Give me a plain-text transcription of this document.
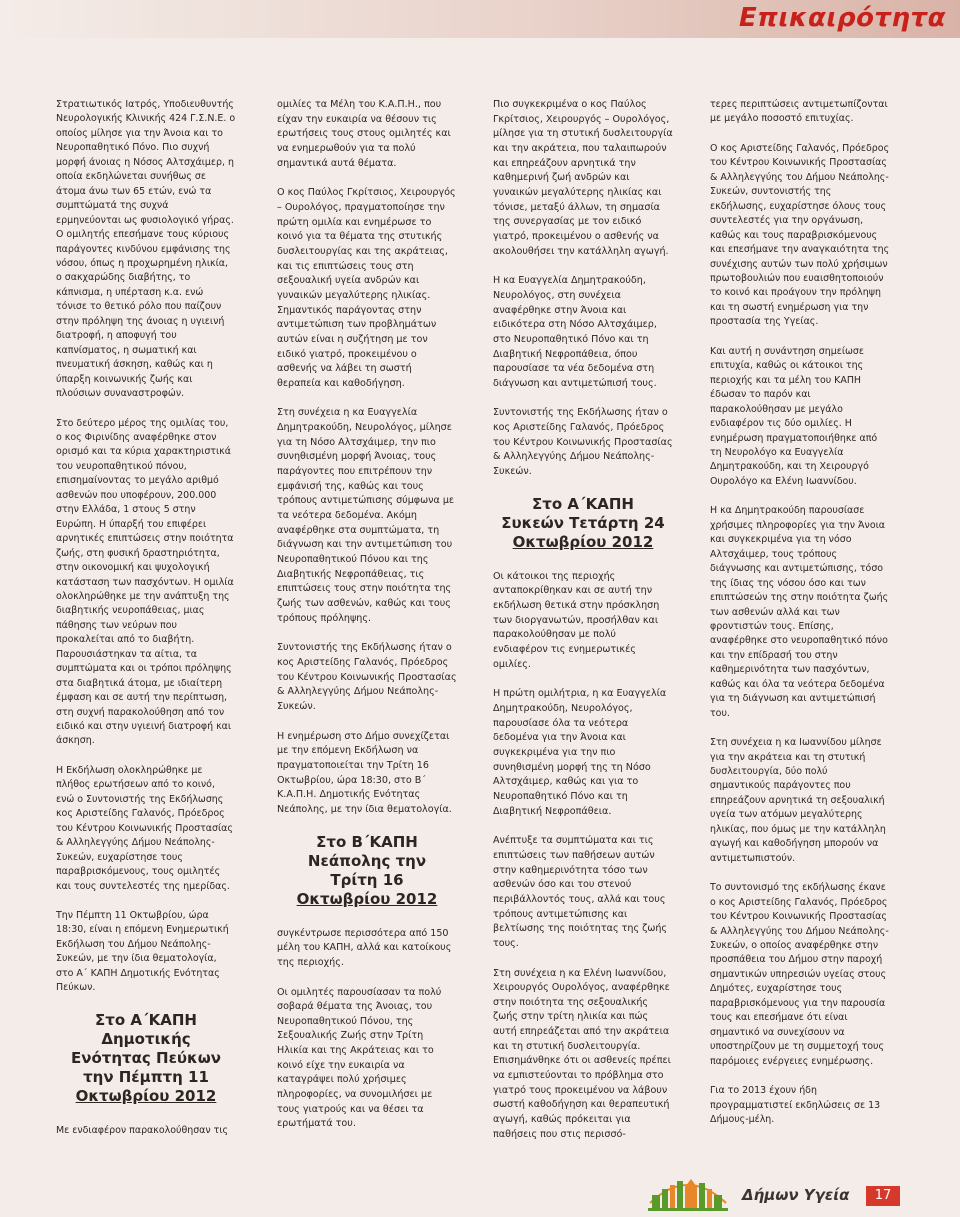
Επικαιρότητα

Στρατιωτικός Ιατρός, Υποδιευθυντής Νευρολογικής Κλινικής 424 Γ.Σ.Ν.Ε. ο οποίος μίλησε για την Άνοια και το Νευροπαθητικό Πόνο. Πιο συχνή μορφή άνοιας η Νόσος Αλτσχάιμερ, η οποία εκδηλώνεται συνήθως σε άτομα άνω των 65 ετών, ενώ τα συμπτώματά της συχνά ερμηνεύονται ως φυσιολογικό γήρας. Ο ομιλητής επεσήμανε τους κύριους παράγοντες κινδύνου εμφάνισης της νόσου, όπως η προχωρημένη ηλικία, ο σακχαρώδης διαβήτης, το κάπνισμα, η υπέρταση κ.α. ενώ τόνισε το θετικό ρόλο που παίζουν στην πρόληψη της άνοιας η υγιεινή διατροφή, η αποφυγή του καπνίσματος, η σωματική και πνευματική άσκηση, καθώς και η ύπαρξη κοινωνικής ζωής και πλούσιων συναναστροφών.

Στο δεύτερο μέρος της ομιλίας του, ο κος Φιρινίδης αναφέρθηκε στον ορισμό και τα κύρια χαρακτηριστικά του νευροπαθητικού πόνου, επισημαίνοντας το μεγάλο αριθμό ασθενών που υποφέρουν, 200.000 στην Ελλάδα, 1 στους 5 στην Ευρώπη. Η ύπαρξή του επιφέρει αρνητικές επιπτώσεις στην ποιότητα ζωής, στη φυσική δραστηριότητα, στην οικονομική και ψυχολογική κατάσταση των πασχόντων. Η ομιλία ολοκληρώθηκε με την ανάπτυξη της διαβητικής νευροπάθειας, μιας πάθησης των νεύρων που προκαλείται από το διαβήτη. Παρουσιάστηκαν τα αίτια, τα συμπτώματα και οι τρόποι πρόληψης στα διαβητικά άτομα, με ιδιαίτερη έμφαση και σε αυτή την περίπτωση, στη συχνή παρακολούθηση από τον ειδικό και στην υγιεινή διατροφή και άσκηση.

Η Εκδήλωση ολοκληρώθηκε με πλήθος ερωτήσεων από το κοινό, ενώ ο Συντονιστής της Εκδήλωσης κος Αριστείδης Γαλανός, Πρόεδρος του Κέντρου Κοινωνικής Προστασίας & Αλληλεγγύης Δήμου Νεάπολης-Συκεών, ευχαρίστησε τους παραβρισκόμενους, τους ομιλητές και τους συντελεστές της ημερίδας.

Την Πέμπτη 11 Οκτωβρίου, ώρα 18:30, είναι η επόμενη Ενημερωτική Εκδήλωση του Δήμου Νεάπολης-Συκεών, με την ίδια θεματολογία, στο Α΄ ΚΑΠΗ Δημοτικής Ενότητας Πεύκων.

Στο Α΄ΚΑΠΗ
Δημοτικής
Ενότητας Πεύκων
την Πέμπτη 11
Οκτωβρίου 2012

Με ενδιαφέρον παρακολούθησαν τις

ομιλίες τα Μέλη του Κ.Α.Π.Η., που είχαν την ευκαιρία να θέσουν τις ερωτήσεις τους στους ομιλητές και να ενημερωθούν για τα πολύ σημαντικά αυτά θέματα.

Ο κος Παύλος Γκρίτσιος, Χειρουργός – Ουρολόγος, πραγματοποίησε την πρώτη ομιλία και ενημέρωσε το κοινό για τα θέματα της στυτικής δυσλειτουργίας και της ακράτειας, και τις επιπτώσεις τους στη σεξουαλική υγεία ανδρών και γυναικών μεγαλύτερης ηλικίας. Σημαντικός παράγοντας στην αντιμετώπιση των προβλημάτων αυτών είναι η συζήτηση με τον ειδικό γιατρό, προκειμένου ο ασθενής να λάβει τη σωστή θεραπεία και καθοδήγηση.

Στη συνέχεια η κα Ευαγγελία Δημητρακούδη, Νευρολόγος, μίλησε για τη Νόσο Αλτσχάιμερ, την πιο συνηθισμένη μορφή Άνοιας, τους παράγοντες που επιτρέπουν την εμφάνισή της, καθώς και τους τρόπους αντιμετώπισης σύμφωνα με τα νεότερα δεδομένα. Ακόμη αναφέρθηκε στα συμπτώματα, τη διάγνωση και την αντιμετώπιση του Νευροπαθητικού Πόνου και της Διαβητικής Νεφροπάθειας, τις επιπτώσεις τους στην ποιότητα της ζωής των ασθενών, καθώς και τους τρόπους πρόληψης.

Συντονιστής της Εκδήλωσης ήταν ο κος Αριστείδης Γαλανός, Πρόεδρος του Κέντρου Κοινωνικής Προστασίας & Αλληλεγγύης Δήμου Νεάπολης-Συκεών.

Η ενημέρωση στο Δήμο συνεχίζεται με την επόμενη Εκδήλωση να πραγματοποιείται την Τρίτη 16 Οκτωβρίου, ώρα 18:30, στο Β΄ Κ.Α.Π.Η. Δημοτικής Ενότητας Νεάπολης, με την ίδια θεματολογία.

Στο Β΄ΚΑΠΗ
Νεάπολης την
Τρίτη 16
Οκτωβρίου 2012

συγκέντρωσε περισσότερα από 150 μέλη του ΚΑΠΗ, αλλά και κατοίκους της περιοχής.

Οι ομιλητές παρουσίασαν τα πολύ σοβαρά θέματα της Άνοιας, του Νευροπαθητικού Πόνου, της Σεξουαλικής Ζωής στην Τρίτη Ηλικία και της Ακράτειας και το κοινό είχε την ευκαιρία να καταγράψει πολύ χρήσιμες πληροφορίες, να συνομιλήσει με τους γιατρούς και να θέσει τα ερωτήματά του.

Πιο συγκεκριμένα ο κος Παύλος Γκρίτσιος, Χειρουργός – Ουρολόγος, μίλησε για τη στυτική δυσλειτουργία και την ακράτεια, που ταλαιπωρούν και επηρεάζουν αρνητικά την καθημερινή ζωή ανδρών και γυναικών μεγαλύτερης ηλικίας και τόνισε, μεταξύ άλλων, τη σημασία της συνεργασίας με τον ειδικό γιατρό, προκειμένου ο ασθενής να ακολουθήσει την κατάλληλη αγωγή.

Η κα Ευαγγελία Δημητρακούδη, Νευρολόγος, στη συνέχεια αναφέρθηκε στην Άνοια και ειδικότερα στη Νόσο Αλτσχάιμερ, στο Νευροπαθητικό Πόνο και τη Διαβητική Νεφροπάθεια, όπου παρουσίασε τα νέα δεδομένα στη διάγνωση και αντιμετώπισή τους.

Συντονιστής της Εκδήλωσης ήταν ο κος Αριστείδης Γαλανός, Πρόεδρος του Κέντρου Κοινωνικής Προστασίας & Αλληλεγγύης Δήμου Νεάπολης-Συκεών.

Στο Α΄ΚΑΠΗ
Συκεών Τετάρτη 24
Οκτωβρίου 2012

Οι κάτοικοι της περιοχής ανταποκρίθηκαν και σε αυτή την εκδήλωση θετικά στην πρόσκληση των διοργανωτών, προσήλθαν και παρακολούθησαν με πολύ ενδιαφέρον τις ενημερωτικές ομιλίες.

Η πρώτη ομιλήτρια, η κα Ευαγγελία Δημητρακούδη, Νευρολόγος, παρουσίασε όλα τα νεότερα δεδομένα για την Άνοια και συγκεκριμένα για την πιο συνηθισμένη μορφή της τη Νόσο Αλτσχάιμερ, καθώς και για το Νευροπαθητικό Πόνο και τη Διαβητική Νεφροπάθεια.

Ανέπτυξε τα συμπτώματα και τις επιπτώσεις των παθήσεων αυτών στην καθημερινότητα τόσο των ασθενών όσο και του στενού περιβάλλοντός τους, αλλά και τους τρόπους αντιμετώπισης και βελτίωσης της ποιότητας της ζωής τους.

Στη συνέχεια η κα Ελένη Ιωαννίδου, Χειρουργός Ουρολόγος, αναφέρθηκε στην ποιότητα της σεξουαλικής ζωής στην τρίτη ηλικία και πώς αυτή επηρεάζεται από την ακράτεια και τη στυτική δυσλειτουργία. Επισημάνθηκε ότι οι ασθενείς πρέπει να εμπιστεύονται το πρόβλημα στο γιατρό τους προκειμένου να λάβουν σωστή καθοδήγηση και θεραπευτική αγωγή, καθώς πρόκειται για παθήσεις που στις περισσό-

τερες περιπτώσεις αντιμετωπίζονται με μεγάλο ποσοστό επιτυχίας.

Ο κος Αριστείδης Γαλανός, Πρόεδρος του Κέντρου Κοινωνικής Προστασίας & Αλληλεγγύης του Δήμου Νεάπολης-Συκεών, συντονιστής της εκδήλωσης, ευχαρίστησε όλους τους συντελεστές για την οργάνωση, καθώς και τους παραβρισκόμενους και επεσήμανε την αναγκαιότητα της συνέχισης αυτών των πολύ χρήσιμων πρωτοβουλιών που ευαισθητοποιούν το κοινό και προάγουν την πρόληψη και τη σωστή ενημέρωση για την προστασία της Υγείας.

Και αυτή η συνάντηση σημείωσε επιτυχία, καθώς οι κάτοικοι της περιοχής και τα μέλη του ΚΑΠΗ έδωσαν το παρόν και παρακολούθησαν με μεγάλο ενδιαφέρον τις δύο ομιλίες. Η ενημέρωση πραγματοποιήθηκε από τη Νευρολόγο κα Ευαγγελία Δημητρακούδη, και τη Χειρουργό Ουρολόγο κα Ελένη Ιωαννίδου.

Η κα Δημητρακούδη παρουσίασε χρήσιμες πληροφορίες για την Άνοια και συγκεκριμένα για τη νόσο Αλτσχάιμερ, τους τρόπους διάγνωσης και αντιμετώπισης, τόσο της ίδιας της νόσου όσο και των επιπτώσεών της στην ποιότητα ζωής των ασθενών αλλά και των φροντιστών τους. Επίσης, αναφέρθηκε στο νευροπαθητικό πόνο και την επίδρασή του στην καθημερινότητα των πασχόντων, καθώς και όλα τα νεότερα δεδομένα για τη διάγνωση και αντιμετώπισή του.

Στη συνέχεια η κα Ιωαννίδου μίλησε για την ακράτεια και τη στυτική δυσλειτουργία, δύο πολύ σημαντικούς παράγοντες που επηρεάζουν αρνητικά τη σεξουαλική υγεία των ατόμων μεγαλύτερης ηλικίας, που όμως με την κατάλληλη αγωγή και καθοδήγηση μπορούν να αντιμετωπιστούν.

Το συντονισμό της εκδήλωσης έκανε ο κος Αριστείδης Γαλανός, Πρόεδρος του Κέντρου Κοινωνικής Προστασίας & Αλληλεγγύης του Δήμου Νεάπολης-Συκεών, ο οποίος αναφέρθηκε στην προσπάθεια του Δήμου στην παροχή σημαντικών υπηρεσιών υγείας στους Δημότες, ευχαρίστησε τους παραβρισκόμενους για την παρουσία τους και επεσήμανε ότι είναι σημαντικό να συνεχίσουν να υποστηρίζουν με τη συμμετοχή τους παρόμοιες ενέργειες ενημέρωσης.

Για το 2013 έχουν ήδη προγραμματιστεί εκδηλώσεις σε 13 Δήμους-μέλη.

Δήμων Υγεία	17
